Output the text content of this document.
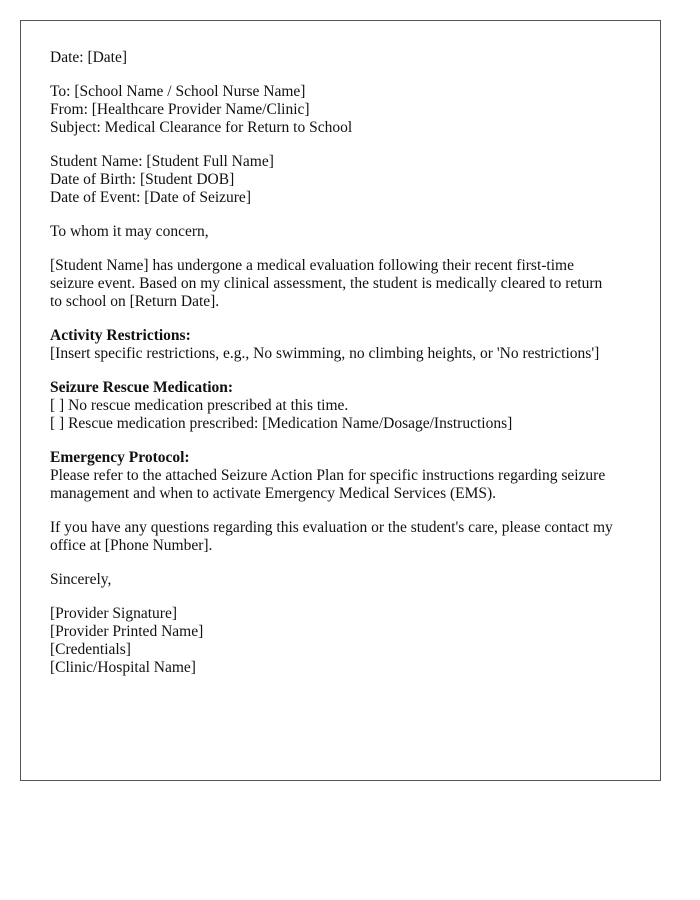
Date: [Date]
To: [School Name / School Nurse Name]
From: [Healthcare Provider Name/Clinic]
Subject: Medical Clearance for Return to School
Student Name: [Student Full Name]
Date of Birth: [Student DOB]
Date of Event: [Date of Seizure]
To whom it may concern,
[Student Name] has undergone a medical evaluation following their recent first-time
seizure event. Based on my clinical assessment, the student is medically cleared to return
to school on [Return Date].
Activity Restrictions:
[Insert specific restrictions, e.g., No swimming, no climbing heights, or 'No restrictions']
Seizure Rescue Medication:
[ ] No rescue medication prescribed at this time.
[ ] Rescue medication prescribed: [Medication Name/Dosage/Instructions]
Emergency Protocol:
Please refer to the attached Seizure Action Plan for specific instructions regarding seizure
management and when to activate Emergency Medical Services (EMS).
If you have any questions regarding this evaluation or the student's care, please contact my
office at [Phone Number].
Sincerely,
[Provider Signature]
[Provider Printed Name]
[Credentials]
[Clinic/Hospital Name]
